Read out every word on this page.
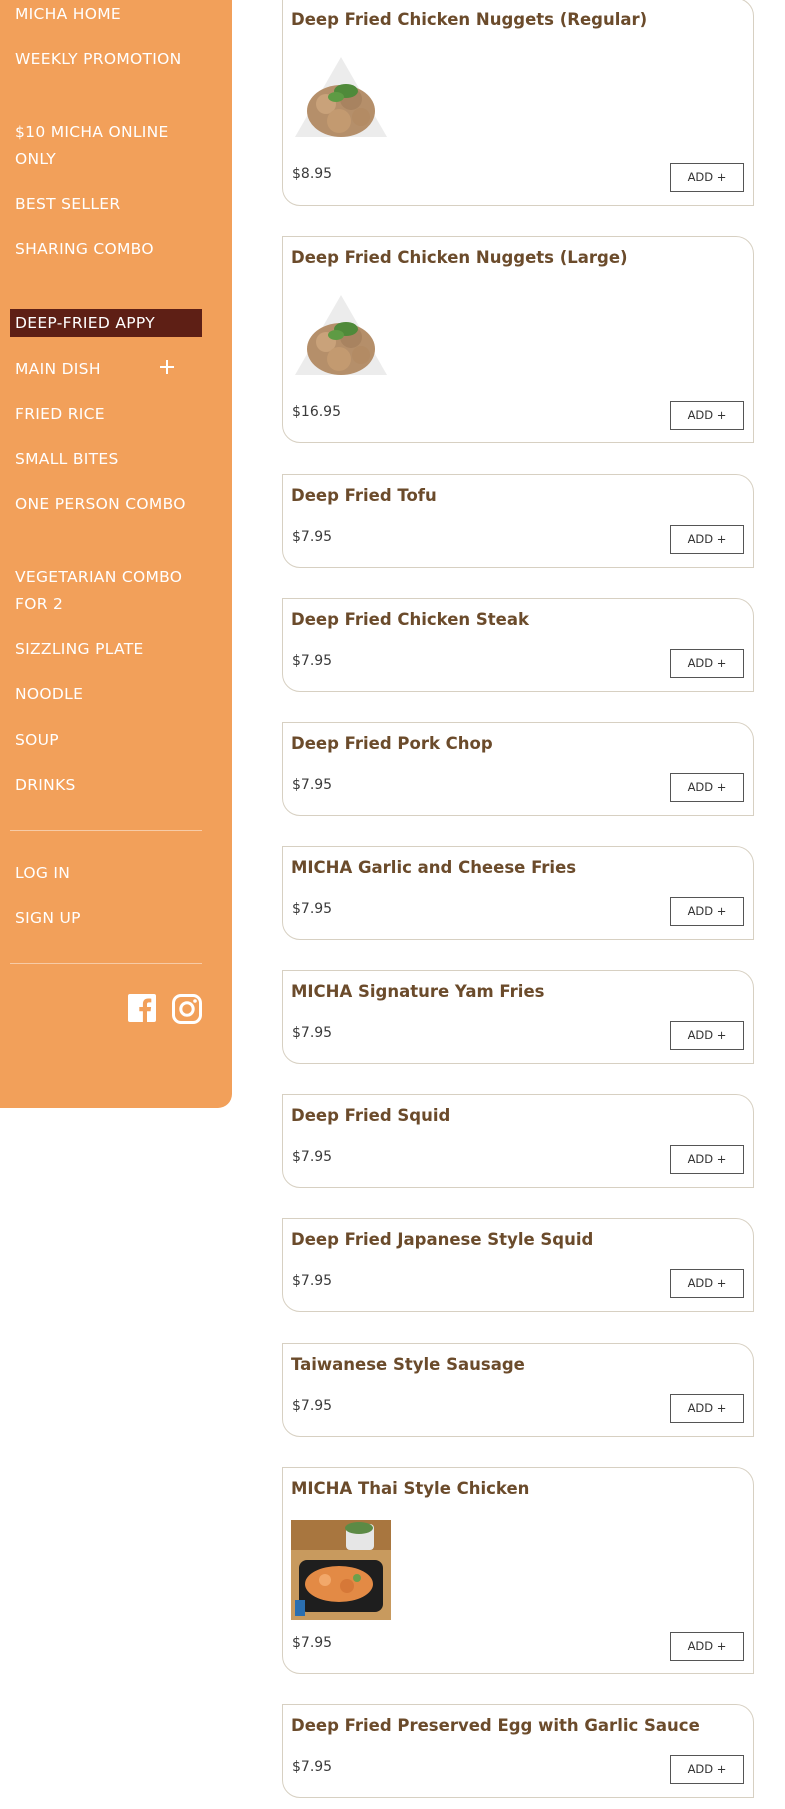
MICHA HOME
WEEKLY PROMOTION
$10 MICHA ONLINE ONLY
BEST SELLER
SHARING COMBO
DEEP-FRIED APPY
MAIN DISH
FRIED RICE
SMALL BITES
ONE PERSON COMBO
VEGETARIAN COMBO FOR 2
SIZZLING PLATE
NOODLE
SOUP
DRINKS
LOG IN
SIGN UP
Deep Fried Chicken Nuggets (Regular)
$8.95	ADD +
Deep Fried Chicken Nuggets (Large)
$16.95	ADD +
Deep Fried Tofu
$7.95	ADD +
Deep Fried Chicken Steak
$7.95	ADD +
Deep Fried Pork Chop
$7.95	ADD +
MICHA Garlic and Cheese Fries
$7.95	ADD +
MICHA Signature Yam Fries
$7.95	ADD +
Deep Fried Squid
$7.95	ADD +
Deep Fried Japanese Style Squid
$7.95	ADD +
Taiwanese Style Sausage
$7.95	ADD +
MICHA Thai Style Chicken
$7.95	ADD +
Deep Fried Preserved Egg with Garlic Sauce
$7.95	ADD +
